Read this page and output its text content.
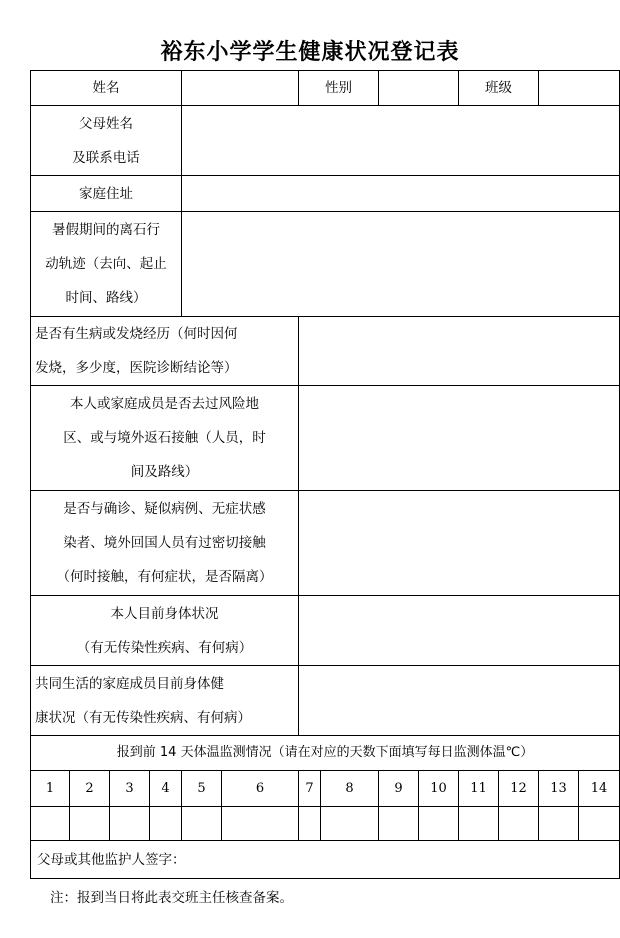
裕东小学学生健康状况登记表
姓名						性别				班级			
父母姓名
及联系电话													
家庭住址													
暑假期间的离石行
动轨迹（去向、起止
时间、路线）													
是否有生病或发烧经历（何时因何
发烧，多少度，医院诊断结论等）													
本人或家庭成员是否去过风险地
区、或与境外返石接触（人员，时
间及路线）													
是否与确诊、疑似病例、无症状感
染者、境外回国人员有过密切接触
（何时接触，有何症状，是否隔离）													
本人目前身体状况
（有无传染性疾病、有何病）													
共同生活的家庭成员目前身体健
康状况（有无传染性疾病、有何病）													
报到前 14 天体温监测情况（请在对应的天数下面填写每日监测体温℃）													
1	2	3	4	5	6	7	8	9	10	11	12	13	14

父母或其他监护人签字：													
注：报到当日将此表交班主任核查备案。
